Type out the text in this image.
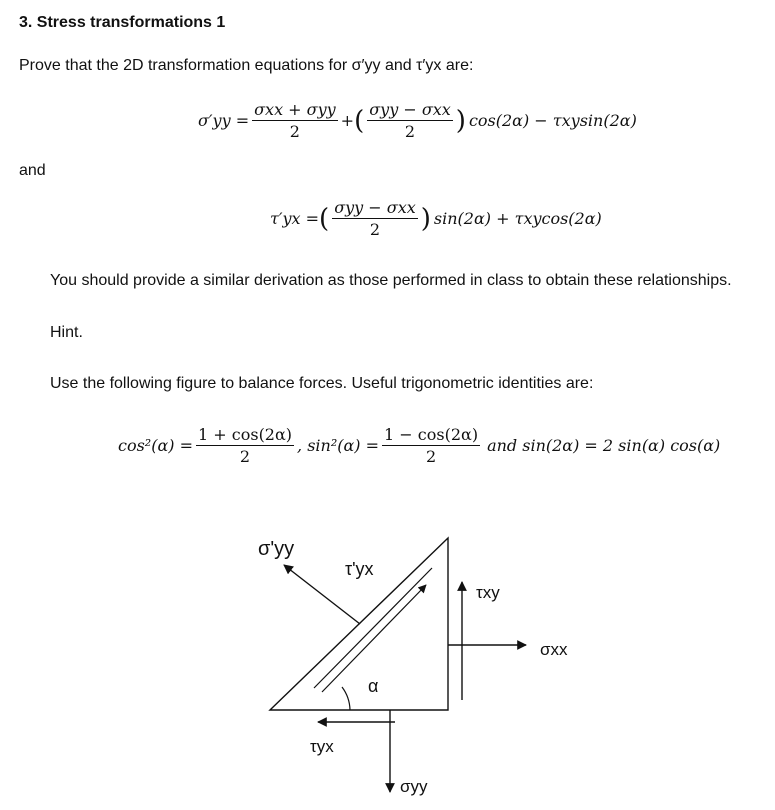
3. Stress transformations 1
Prove that the 2D transformation equations for σ′yy and τ′yx are:
$\sigma'yy = \frac{\text{σxx + σyy}}{2}$ + ( $\frac{\text{σyy − σxx}}{2}$ ) cos(2α) − τxysin(2α)
and
τ′yx = ( $\frac{\text{σyy − σxx}}{2}$ ) sin(2α) + τxycos(2α)
You should provide a similar derivation as those performed in class to obtain these relationships.
Hint.
Use the following figure to balance forces. Useful trigonometric identities are:
$\cos^2(\alpha) = \frac{1 + \cos(2\alpha)}{2}$ , $\sin^2(\alpha) = \frac{1 - \cos(2\alpha)}{2}$ and sin(2α) = 2 sin(α) cos(α)
σ'yy
τ'yx
τxy
σxx
α
τyx
σyy
